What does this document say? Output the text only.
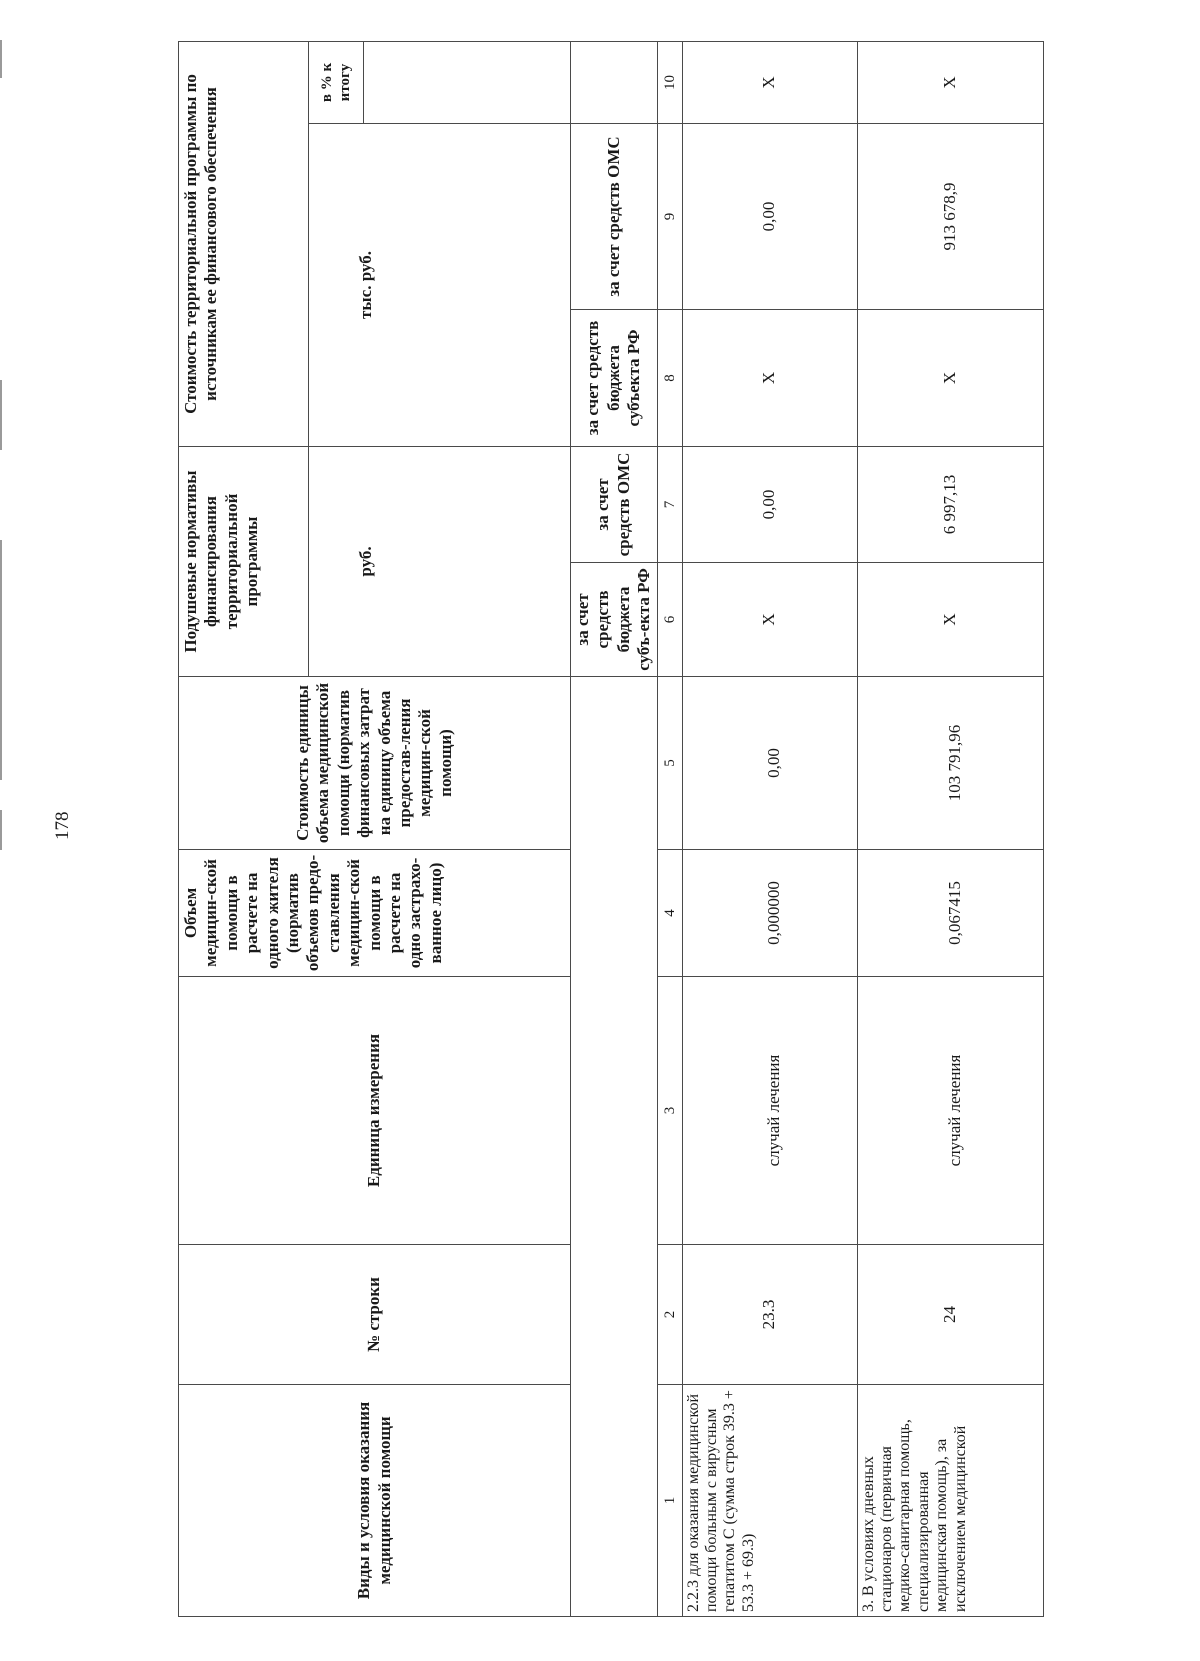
178
Виды и условия оказания медицинской помощи	№ строки	Единица измерения	Объем медицин-ской помощи в расчете на одного жителя (норматив объемов предо-ставления медицин-ской помощи в расчете на одно застрахо-ванное лицо)	Стоимость единицы объема медицинской помощи (норматив финансовых затрат на единицу объема предостав-ления медицин-ской помощи)	Подушевые нормативы финансирования территориальной программы		Стоимость территориальной программы по источникам ее финансового обеспечения		

					руб.		тыс. руб.		в % к итогу

					за счет средств бюджета субъ-екта РФ	за счет средств ОМС	за счет средств бюджета субъекта РФ	за счет средств ОМС	
1	2	3	4	5	6	7	8	9	10
2.2.3 для оказания медицинской помощи больным с вирусным гепатитом С (сумма строк 39.3 + 53.3 + 69.3)	23.3	случай лечения	0,000000	0,00	Х	0,00	Х	0,00	Х
3. В условиях дневных стационаров (первичная медико-санитарная помощь, специализированная медицинская помощь), за исключением медицинской	24	случай лечения	0,067415	103 791,96	Х	6 997,13	Х	913 678,9	Х
